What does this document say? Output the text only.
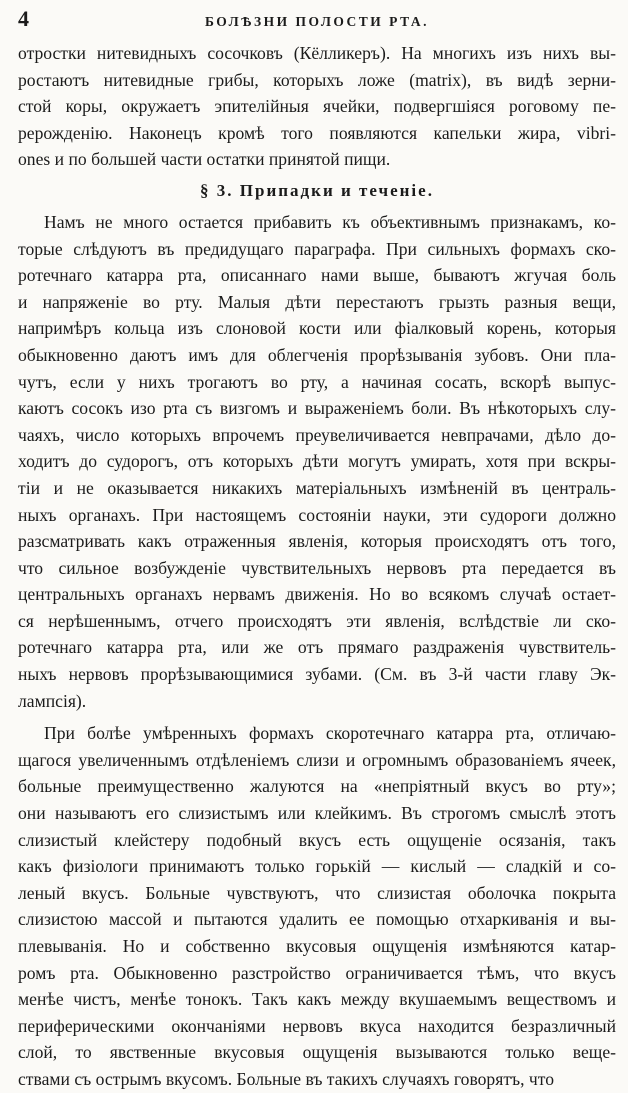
4	БОЛѢЗНИ ПОЛОСТИ РТА.
отростки нитевидныхъ сосочковъ (Кёлликеръ). На многихъ изъ нихъ вы-
ростаютъ нитевидные грибы, которыхъ ложе (matrix), въ видѣ зерни-
стой коры, окружаетъ эпителійныя ячейки, подвергшіяся роговому пе-
рерожденію. Наконецъ кромѣ того появляются капельки жира, vibri-
ones и по большей части остатки принятой пищи.
§ 3. Припадки и теченіе.
Намъ не много остается прибавить къ объективнымъ признакамъ, ко-
торые слѣдуютъ въ предидущаго параграфа. При сильныхъ формахъ ско-
ротечнаго катарра рта, описаннаго нами выше, бываютъ жгучая боль
и напряженіе во рту. Малыя дѣти перестаютъ грызть разныя вещи,
напримѣръ кольца изъ слоновой кости или фіалковый корень, которыя
обыкновенно даютъ имъ для облегченія прорѣзыванія зубовъ. Они пла-
чутъ, если у нихъ трогаютъ во рту, а начиная сосать, вскорѣ выпус-
каютъ сосокъ изо рта съ визгомъ и выраженіемъ боли. Въ нѣкоторыхъ слу-
чаяхъ, число которыхъ впрочемъ преувеличивается невпрачами, дѣло до-
ходитъ до судорогъ, отъ которыхъ дѣти могутъ умирать, хотя при вскры-
тіи и не оказывается никакихъ матеріальныхъ измѣненій въ централь-
ныхъ органахъ. При настоящемъ состояніи науки, эти судороги должно
разсматривать какъ отраженныя явленія, которыя происходятъ отъ того,
что сильное возбужденіе чувствительныхъ нервовъ рта передается въ
центральныхъ органахъ нервамъ движенія. Но во всякомъ случаѣ остает-
ся нерѣшеннымъ, отчего происходятъ эти явленія, вслѣдствіе ли ско-
ротечнаго катарра рта, или же отъ прямаго раздраженія чувствитель-
ныхъ нервовъ прорѣзывающимися зубами. (См. въ 3-й части главу Эк-
лампсія).
При болѣе умѣренныхъ формахъ скоротечнаго катарра рта, отличаю-
щагося увеличеннымъ отдѣленіемъ слизи и огромнымъ образованіемъ ячеек,
больные преимущественно жалуются на «непріятный вкусъ во рту»;
они называютъ его слизистымъ или клейкимъ. Въ строгомъ смыслѣ этотъ
слизистый клейстеру подобный вкусъ есть ощущеніе осязанія, такъ
какъ физіологи принимаютъ только горькій — кислый — сладкій и со-
леный вкусъ. Больные чувствуютъ, что слизистая оболочка покрыта
слизистою массой и пытаются удалить ее помощью отхаркиванія и вы-
плевыванія. Но и собственно вкусовыя ощущенія измѣняются катар-
ромъ рта. Обыкновенно разстройство ограничивается тѣмъ, что вкусъ
менѣе чистъ, менѣе тонокъ. Такъ какъ между вкушаемымъ веществомъ и
периферическими окончаніями нервовъ вкуса находится безразличный
слой, то явственные вкусовыя ощущенія вызываются только веще-
ствами съ острымъ вкусомъ. Больные въ такихъ случаяхъ говорятъ, что
